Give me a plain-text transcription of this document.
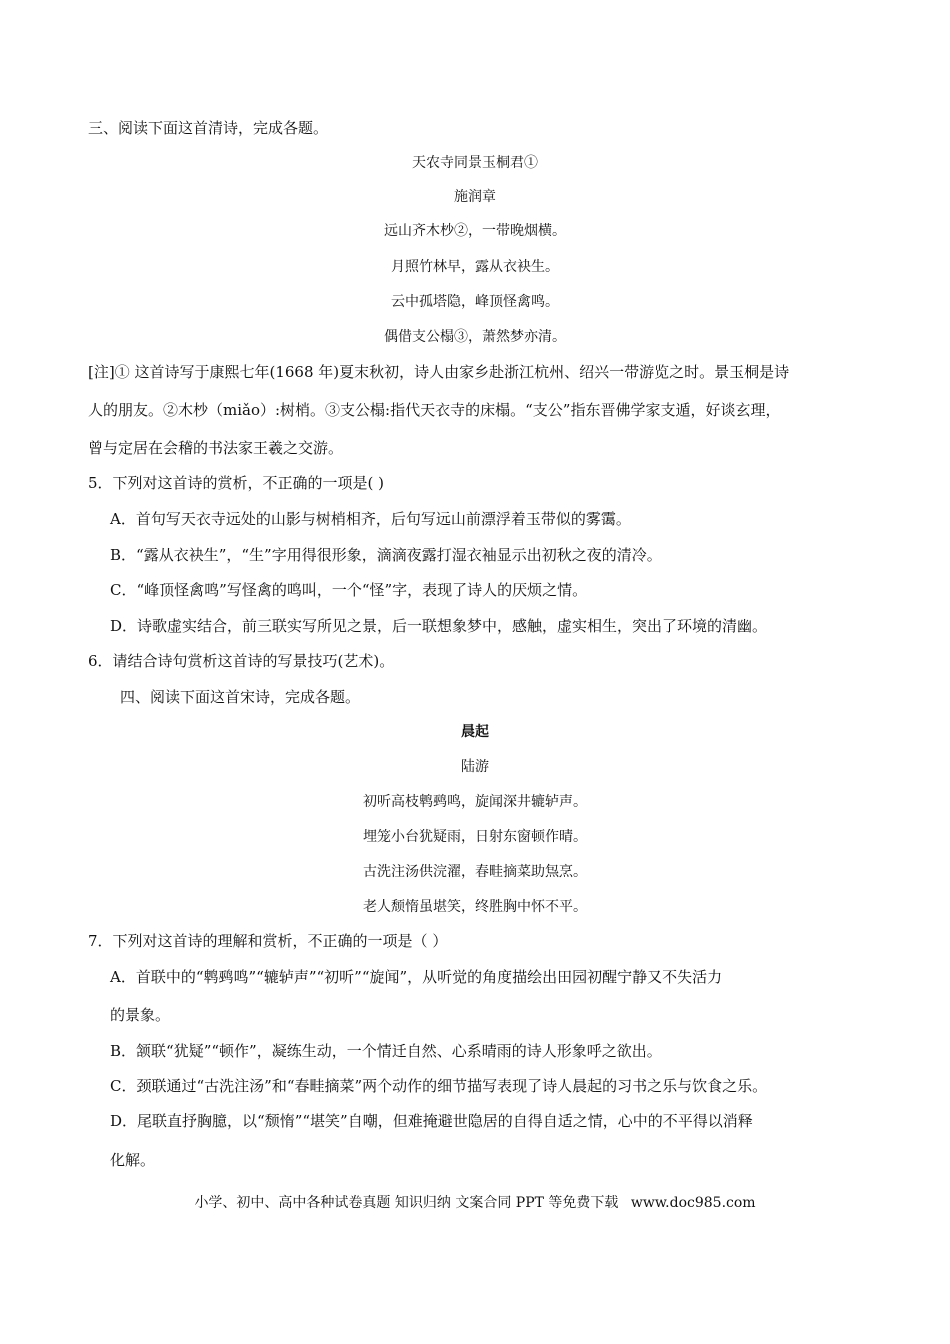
三、阅读下面这首清诗，完成各题。
天农寺同景玉桐君①
施润章
远山齐木杪②，一带晚烟横。
月照竹林早，露从衣袂生。
云中孤塔隐，峰顶怪禽鸣。
偶借支公榻③，萧然梦亦清。
[注]① 这首诗写于康熙七年(1668 年)夏末秋初，诗人由家乡赴浙江杭州、绍兴一带游览之时。景玉桐是诗
人的朋友。②木杪（miǎo）:树梢。③支公榻:指代天衣寺的床榻。“支公”指东晋佛学家支遁，好谈玄理，
曾与定居在会稽的书法家王羲之交游。
5．下列对这首诗的赏析，不正确的一项是( )
A．首句写天衣寺远处的山影与树梢相齐，后句写远山前漂浮着玉带似的雾霭。
B．“露从衣袂生”，“生”字用得很形象，滴滴夜露打湿衣袖显示出初秋之夜的清冷。
C．“峰顶怪禽鸣”写怪禽的鸣叫，一个“怪”字，表现了诗人的厌烦之情。
D．诗歌虚实结合，前三联实写所见之景，后一联想象梦中，感触，虚实相生，突出了环境的清幽。
6．请结合诗句赏析这首诗的写景技巧(艺术)。
四、阅读下面这首宋诗，完成各题。
晨起
陆游
初听高枝鹎鹀鸣，旋闻深井辘轳声。
埋笼小台犹疑雨，日射东窗顿作晴。
古洗注汤供浣濯，春畦摘菜助炰烹。
老人颓惰虽堪笑，终胜胸中怀不平。
7．下列对这首诗的理解和赏析，不正确的一项是（ ）
A．首联中的“鹎鹀鸣”“辘轳声”“初听”“旋闻”，从听觉的角度描绘出田园初醒宁静又不失活力
的景象。
B．颔联“犹疑”“顿作”，凝练生动，一个情迁自然、心系晴雨的诗人形象呼之欲出。
C．颈联通过“古洗注汤”和“春畦摘菜”两个动作的细节描写表现了诗人晨起的习书之乐与饮食之乐。
D．尾联直抒胸臆，以“颓惰”“堪笑”自嘲，但难掩避世隐居的自得自适之情，心中的不平得以消释
化解。
小学、初中、高中各种试卷真题 知识归纳 文案合同 PPT 等免费下载 www.doc985.com
